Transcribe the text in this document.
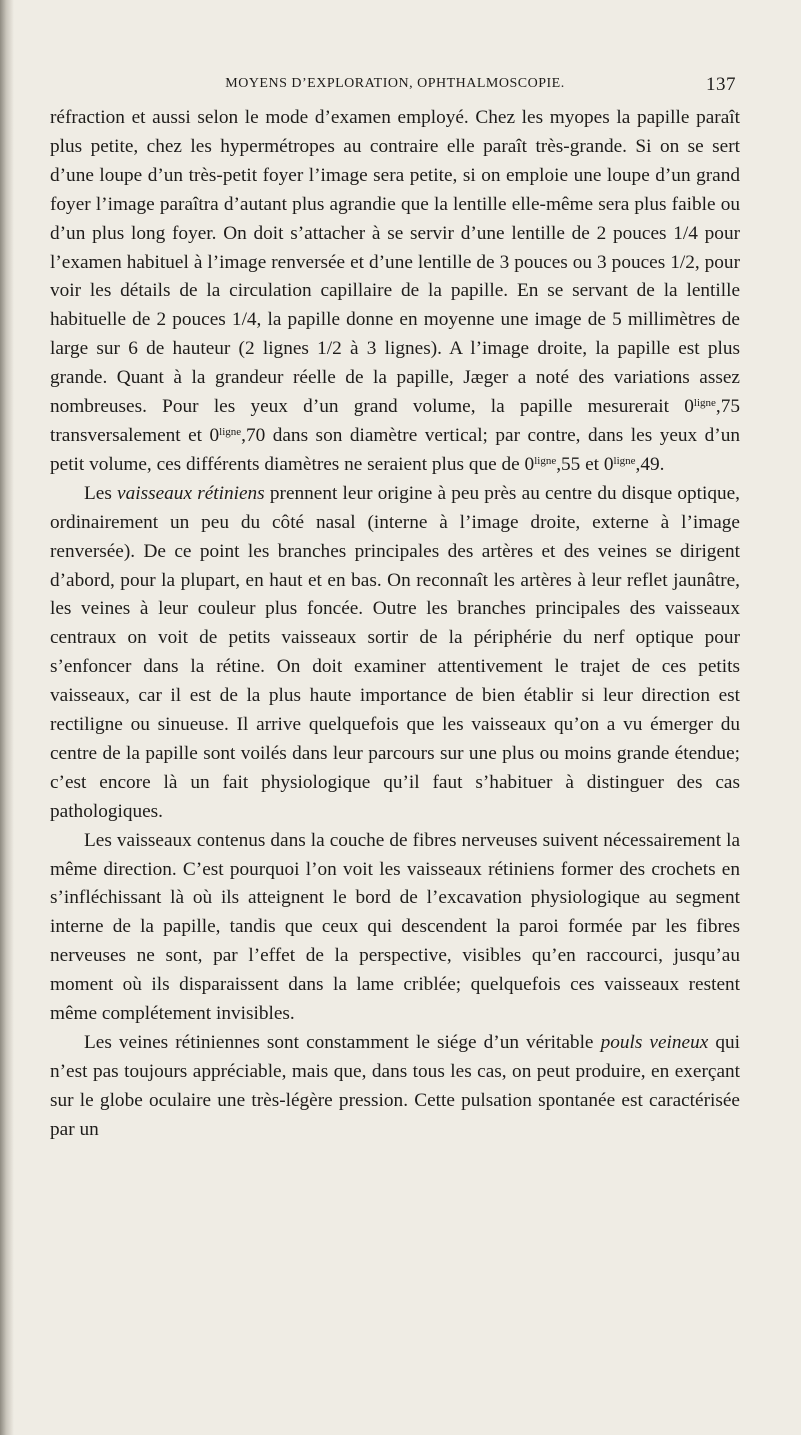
MOYENS D’EXPLORATION, OPHTHALMOSCOPIE.	137

réfraction et aussi selon le mode d’examen employé. Chez les myopes la papille paraît plus petite, chez les hypermétropes au contraire elle paraît très-grande. Si on se sert d’une loupe d’un très-petit foyer l’image sera petite, si on emploie une loupe d’un grand foyer l’image paraîtra d’autant plus agrandie que la lentille elle-même sera plus faible ou d’un plus long foyer. On doit s’attacher à se servir d’une lentille de 2 pouces 1/4 pour l’examen habituel à l’image renversée et d’une lentille de 3 pouces ou 3 pouces 1/2, pour voir les détails de la circulation capillaire de la papille. En se servant de la lentille habituelle de 2 pouces 1/4, la papille donne en moyenne une image de 5 millimètres de large sur 6 de hauteur (2 lignes 1/2 à 3 lignes). A l’image droite, la papille est plus grande. Quant à la grandeur réelle de la papille, Jæger a noté des variations assez nombreuses. Pour les yeux d’un grand volume, la papille mesurerait $0^{ligne},75$ transversalement et $0^{ligne},70$ dans son diamètre vertical; par contre, dans les yeux d’un petit volume, ces différents diamètres ne seraient plus que de $0^{ligne},55$ et $0^{ligne},49$.

Les vaisseaux rétiniens prennent leur origine à peu près au centre du disque optique, ordinairement un peu du côté nasal (interne à l’image droite, externe à l’image renversée). De ce point les branches principales des artères et des veines se dirigent d’abord, pour la plupart, en haut et en bas. On reconnaît les artères à leur reflet jaunâtre, les veines à leur couleur plus foncée. Outre les branches principales des vaisseaux centraux on voit de petits vaisseaux sortir de la périphérie du nerf optique pour s’enfoncer dans la rétine. On doit examiner attentivement le trajet de ces petits vaisseaux, car il est de la plus haute importance de bien établir si leur direction est rectiligne ou sinueuse. Il arrive quelquefois que les vaisseaux qu’on a vu émerger du centre de la papille sont voilés dans leur parcours sur une plus ou moins grande étendue; c’est encore là un fait physiologique qu’il faut s’habituer à distinguer des cas pathologiques.

Les vaisseaux contenus dans la couche de fibres nerveuses suivent nécessairement la même direction. C’est pourquoi l’on voit les vaisseaux rétiniens former des crochets en s’infléchissant là où ils atteignent le bord de l’excavation physiologique au segment interne de la papille, tandis que ceux qui descendent la paroi formée par les fibres nerveuses ne sont, par l’effet de la perspective, visibles qu’en raccourci, jusqu’au moment où ils disparaissent dans la lame criblée; quelquefois ces vaisseaux restent même complétement invisibles.

Les veines rétiniennes sont constamment le siége d’un véritable pouls veineux qui n’est pas toujours appréciable, mais que, dans tous les cas, on peut produire, en exerçant sur le globe oculaire une très-légère pression. Cette pulsation spontanée est caractérisée par un
